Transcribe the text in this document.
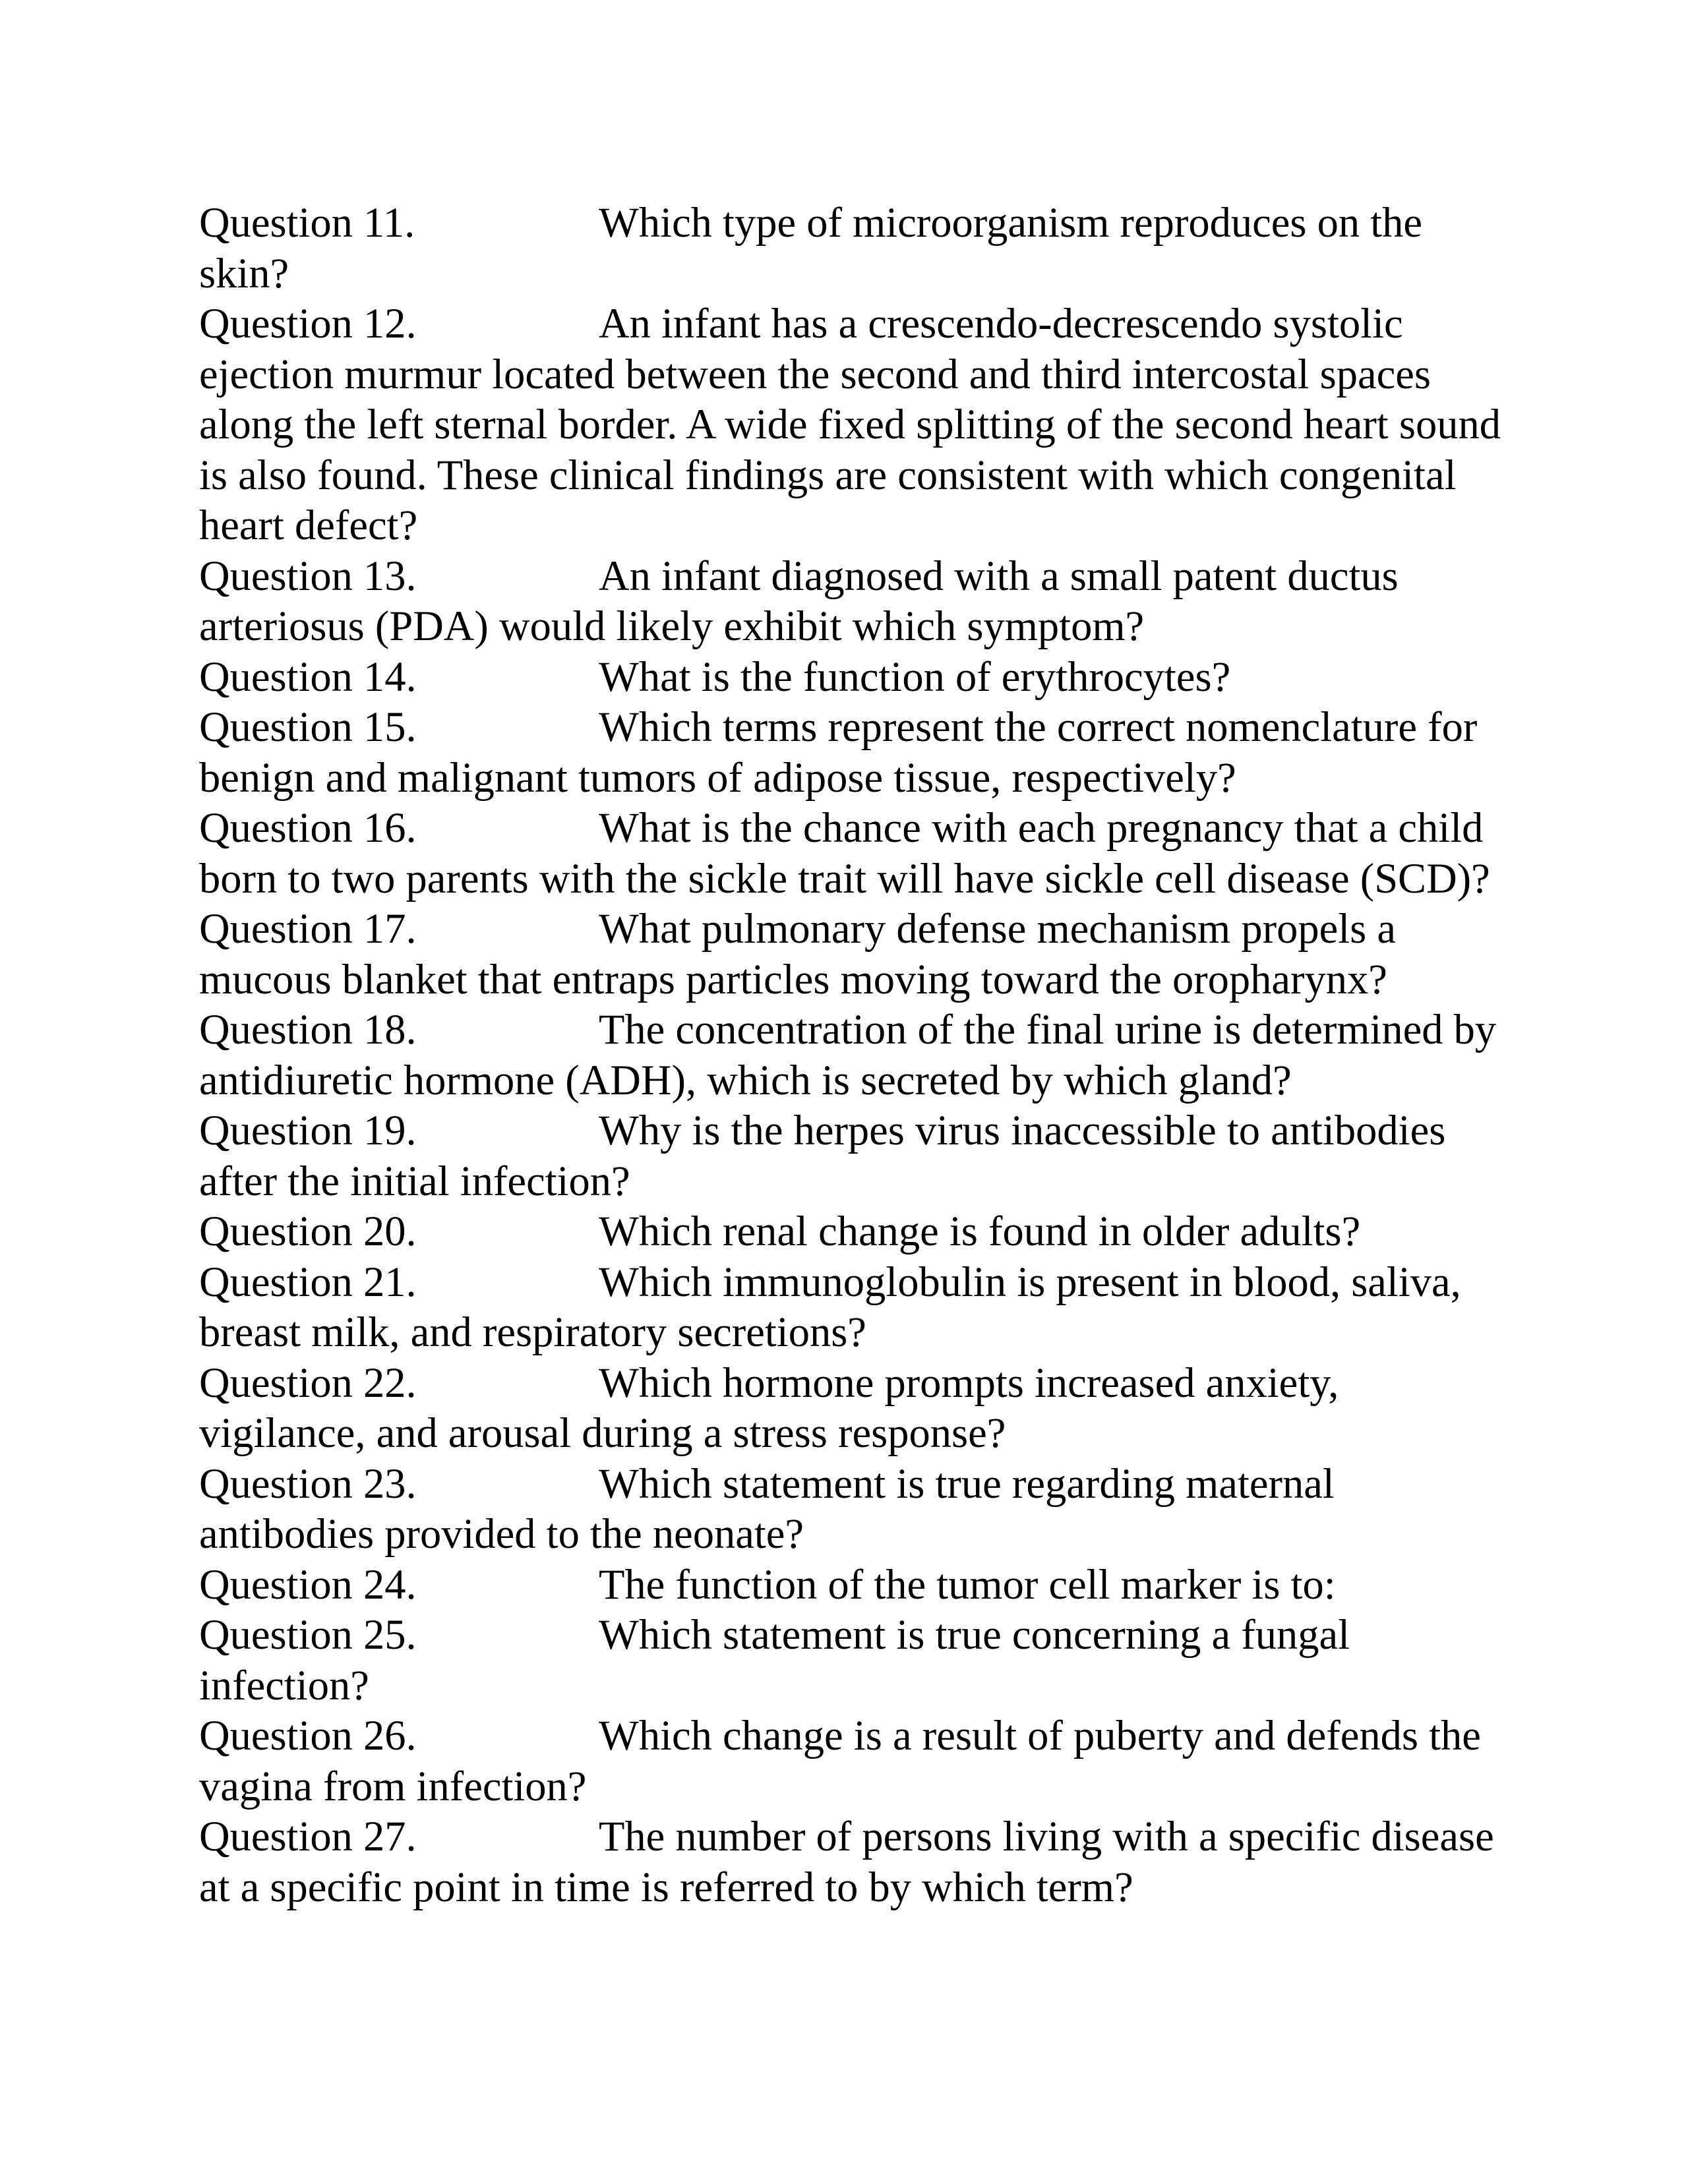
Question 11.	Which type of microorganism reproduces on the skin?

Question 12.	An infant has a crescendo-decrescendo systolic ejection murmur located between the second and third intercostal spaces along the left sternal border. A wide fixed splitting of the second heart sound is also found. These clinical findings are consistent with which congenital heart defect?

Question 13.	An infant diagnosed with a small patent ductus arteriosus (PDA) would likely exhibit which symptom?

Question 14.	What is the function of erythrocytes?

Question 15.	Which terms represent the correct nomenclature for benign and malignant tumors of adipose tissue, respectively?

Question 16.	What is the chance with each pregnancy that a child born to two parents with the sickle trait will have sickle cell disease (SCD)?

Question 17.	What pulmonary defense mechanism propels a mucous blanket that entraps particles moving toward the oropharynx?

Question 18.	The concentration of the final urine is determined by antidiuretic hormone (ADH), which is secreted by which gland?

Question 19.	Why is the herpes virus inaccessible to antibodies after the initial infection?

Question 20.	Which renal change is found in older adults?

Question 21.	Which immunoglobulin is present in blood, saliva, breast milk, and respiratory secretions?

Question 22.	Which hormone prompts increased anxiety, vigilance, and arousal during a stress response?

Question 23.	Which statement is true regarding maternal antibodies provided to the neonate?

Question 24.	The function of the tumor cell marker is to:

Question 25.	Which statement is true concerning a fungal infection?

Question 26.	Which change is a result of puberty and defends the vagina from infection?

Question 27.	The number of persons living with a specific disease at a specific point in time is referred to by which term?
